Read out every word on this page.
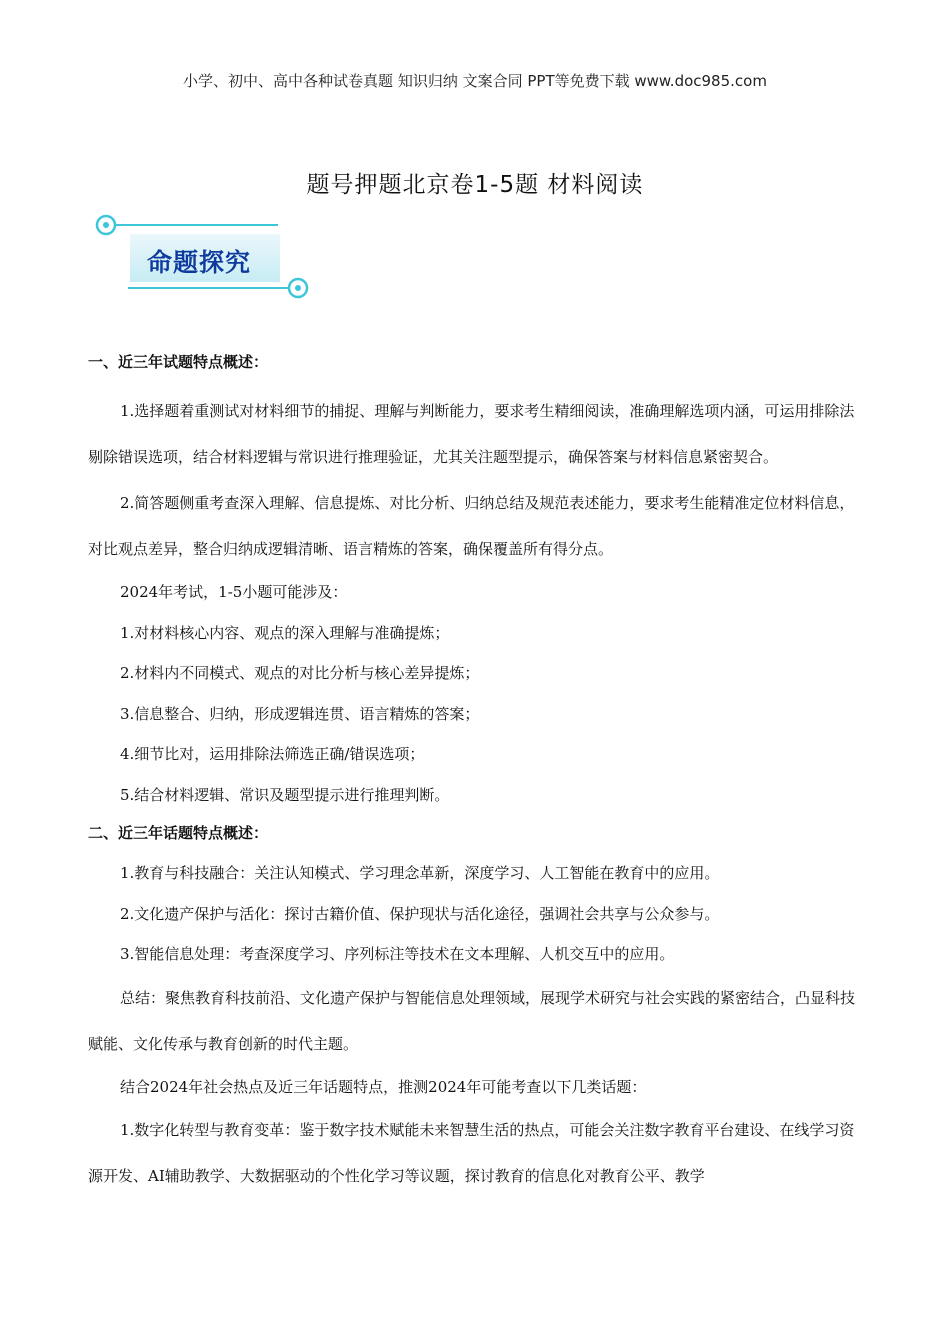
小学、初中、高中各种试卷真题 知识归纳 文案合同 PPT等免费下载 www.doc985.com
题号押题北京卷1-5题 材料阅读
命题探究

一、近三年试题特点概述：

1.选择题着重测试对材料细节的捕捉、理解与判断能力，要求考生精细阅读，准确理解选项内涵，可运用排除法剔除错误选项，结合材料逻辑与常识进行推理验证，尤其关注题型提示，确保答案与材料信息紧密契合。

2.简答题侧重考查深入理解、信息提炼、对比分析、归纳总结及规范表述能力，要求考生能精准定位材料信息，对比观点差异，整合归纳成逻辑清晰、语言精炼的答案，确保覆盖所有得分点。

2024年考试，1-5小题可能涉及：

1.对材料核心内容、观点的深入理解与准确提炼；

2.材料内不同模式、观点的对比分析与核心差异提炼；

3.信息整合、归纳，形成逻辑连贯、语言精炼的答案；

4.细节比对，运用排除法筛选正确/错误选项；

5.结合材料逻辑、常识及题型提示进行推理判断。

二、近三年话题特点概述：

1.教育与科技融合：关注认知模式、学习理念革新，深度学习、人工智能在教育中的应用。

2.文化遗产保护与活化：探讨古籍价值、保护现状与活化途径，强调社会共享与公众参与。

3.智能信息处理：考查深度学习、序列标注等技术在文本理解、人机交互中的应用。

总结：聚焦教育科技前沿、文化遗产保护与智能信息处理领域，展现学术研究与社会实践的紧密结合，凸显科技赋能、文化传承与教育创新的时代主题。

结合2024年社会热点及近三年话题特点，推测2024年可能考查以下几类话题：

1.数字化转型与教育变革：鉴于数字技术赋能未来智慧生活的热点，可能会关注数字教育平台建设、在线学习资源开发、AI辅助教学、大数据驱动的个性化学习等议题，探讨教育的信息化对教育公平、教学
